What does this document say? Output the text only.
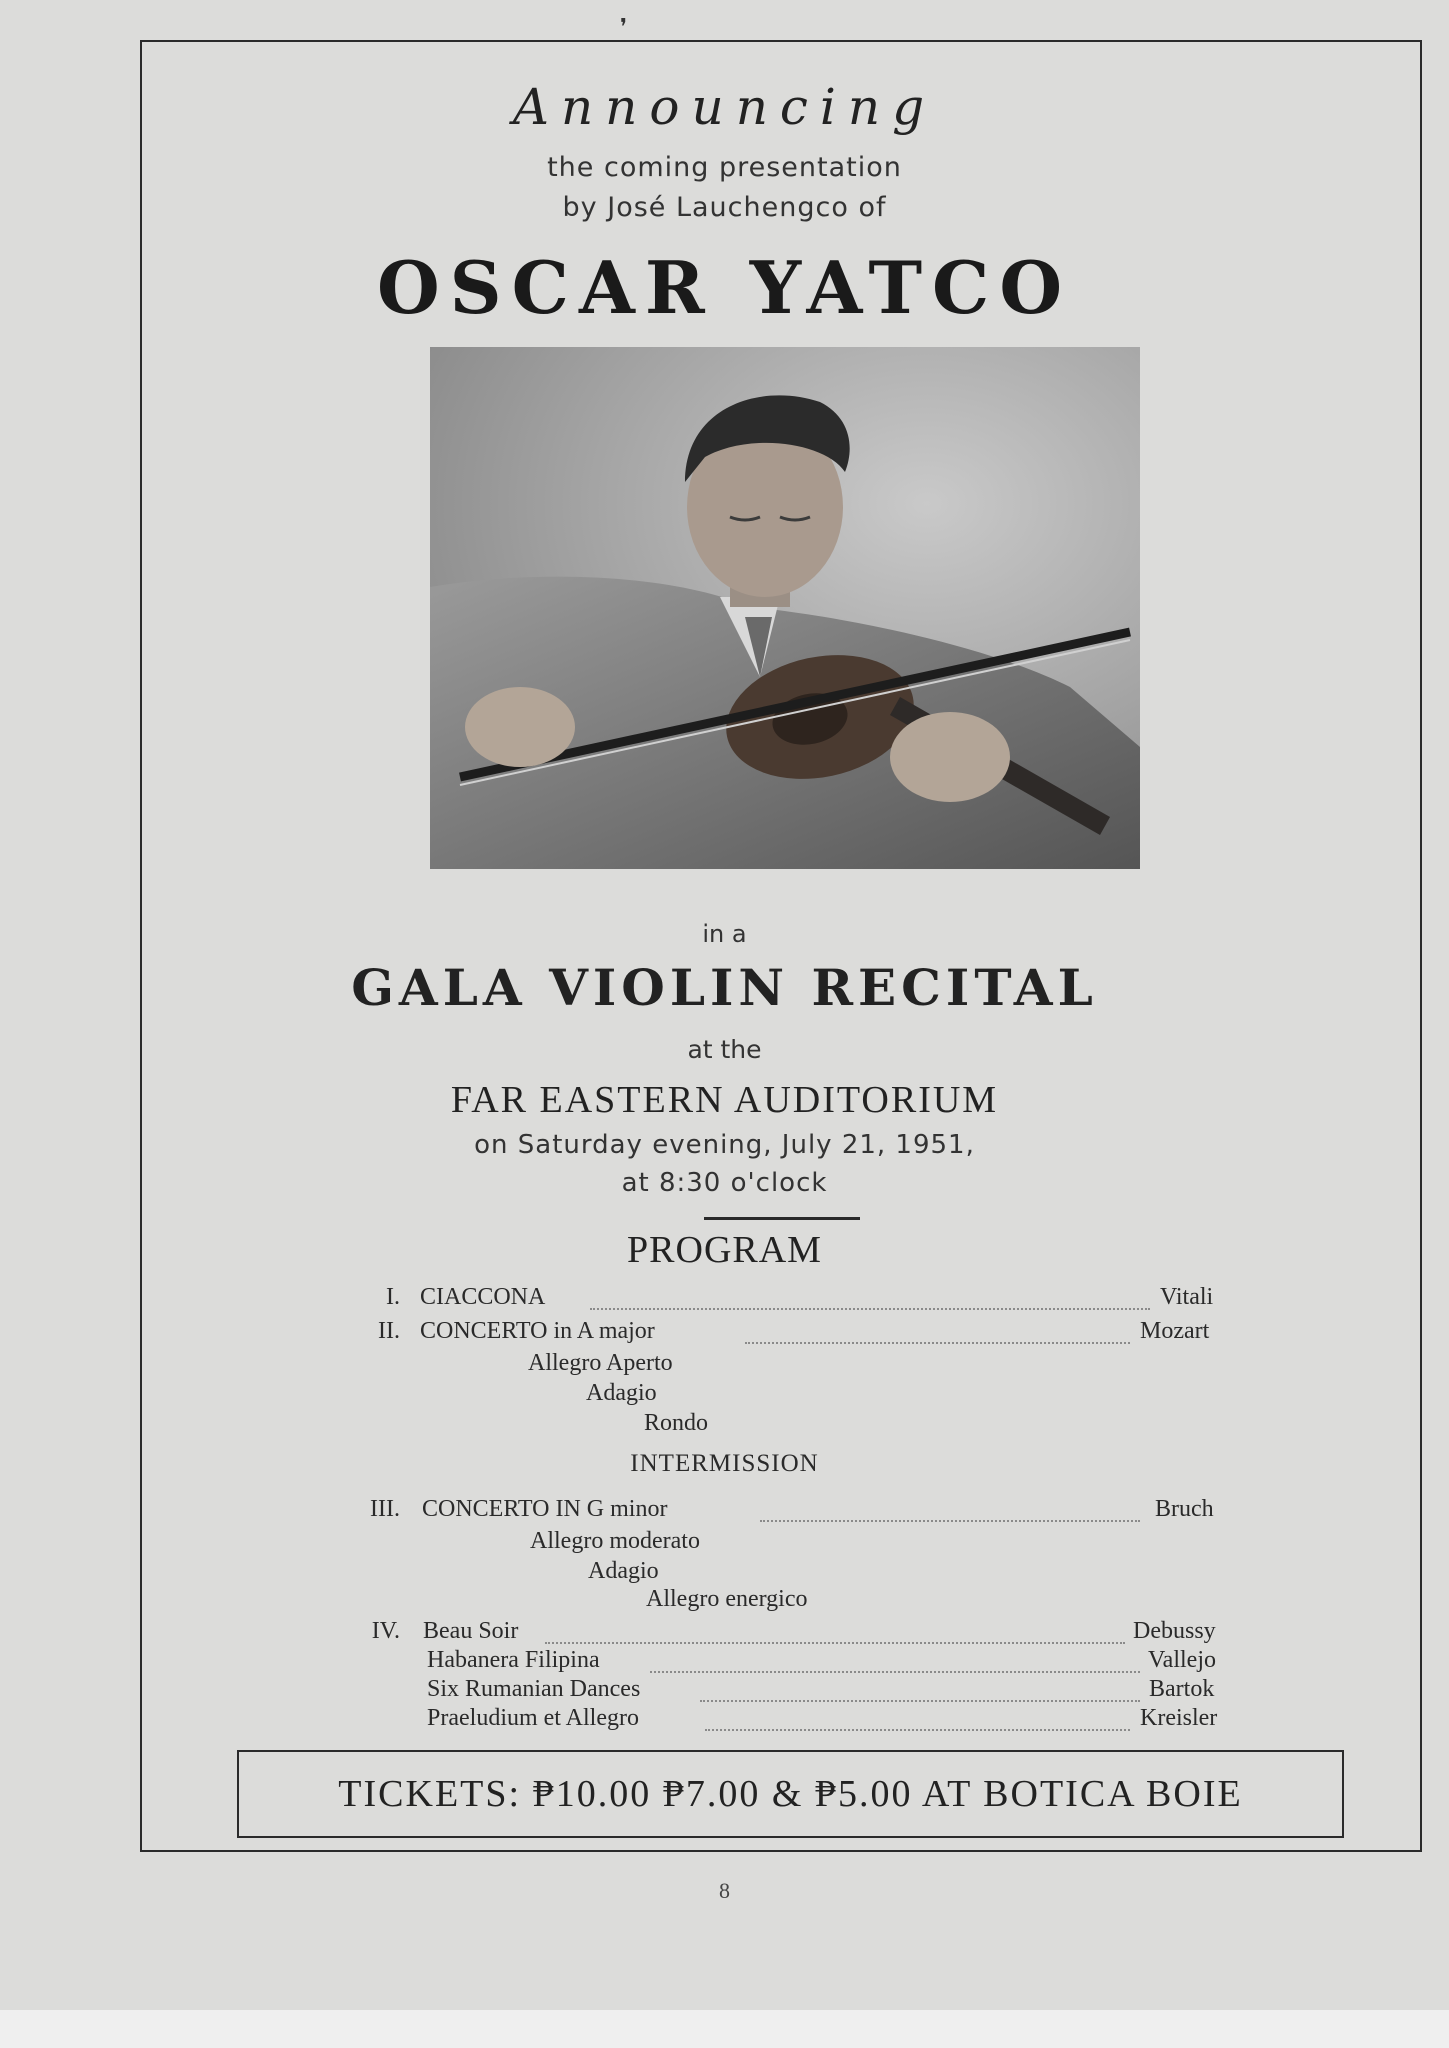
❜
Announcing
the coming presentation
by José Lauchengco of
OSCAR YATCO
in a
GALA VIOLIN RECITAL
at the
FAR EASTERN AUDITORIUM
on Saturday evening, July 21, 1951,
at 8:30 o'clock
PROGRAM
I. CIACCONA	Vitali
II. CONCERTO in A major	Mozart
Allegro Aperto
Adagio
Rondo
INTERMISSION
III. CONCERTO IN G minor	Bruch
Allegro moderato
Adagio
Allegro energico
IV. Beau Soir	Debussy
Habanera Filipina	Vallejo
Six Rumanian Dances	Bartok
Praeludium et Allegro	Kreisler
TICKETS: ₱10.00 ₱7.00 & ₱5.00 AT BOTICA BOIE
8
